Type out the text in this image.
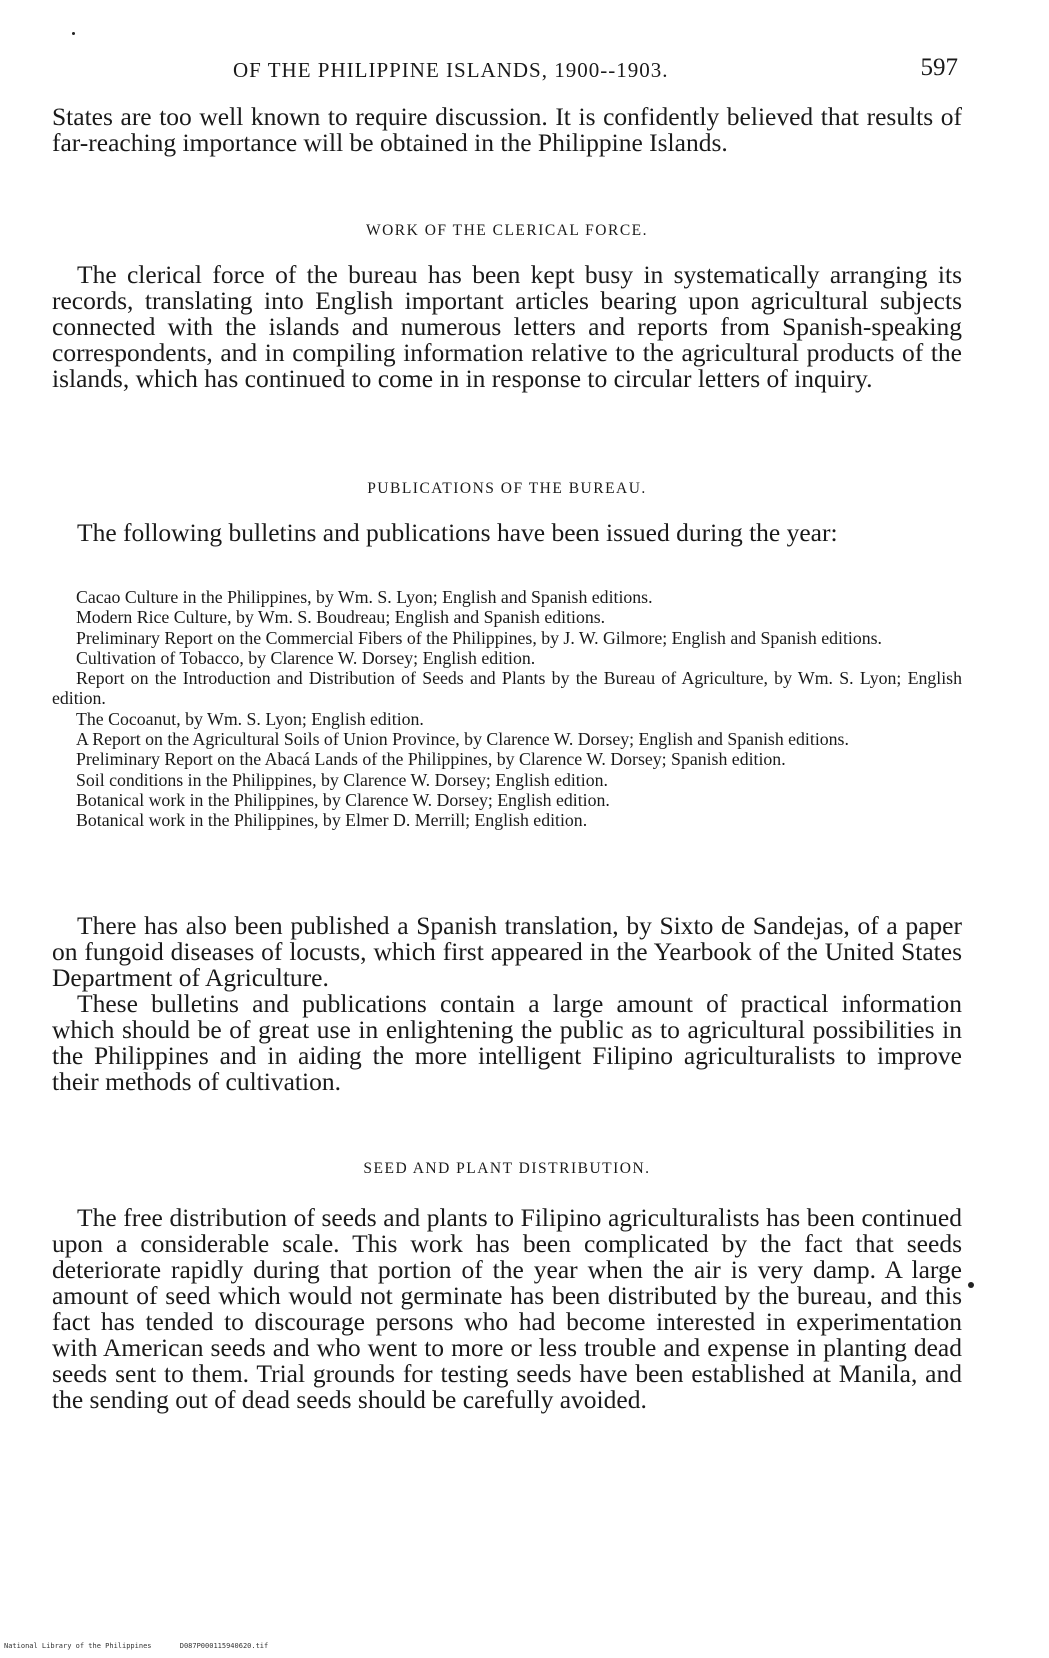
OF THE PHILIPPINE ISLANDS, 1900--1903.	597

States are too well known to require discussion. It is confidently believed that results of far-reaching importance will be obtained in the Philippine Islands.

WORK OF THE CLERICAL FORCE.

The clerical force of the bureau has been kept busy in systematically arranging its records, translating into English important articles bearing upon agricultural subjects connected with the islands and numerous letters and reports from Spanish-speaking correspondents, and in compiling information relative to the agricultural products of the islands, which has continued to come in in response to circular letters of inquiry.

PUBLICATIONS OF THE BUREAU.

The following bulletins and publications have been issued during the year:

Cacao Culture in the Philippines, by Wm. S. Lyon; English and Spanish editions.
Modern Rice Culture, by Wm. S. Boudreau; English and Spanish editions.
Preliminary Report on the Commercial Fibers of the Philippines, by J. W. Gilmore; English and Spanish editions.
Cultivation of Tobacco, by Clarence W. Dorsey; English edition.
Report on the Introduction and Distribution of Seeds and Plants by the Bureau of Agriculture, by Wm. S. Lyon; English edition.
The Cocoanut, by Wm. S. Lyon; English edition.
A Report on the Agricultural Soils of Union Province, by Clarence W. Dorsey; English and Spanish editions.
Preliminary Report on the Abacá Lands of the Philippines, by Clarence W. Dorsey; Spanish edition.
Soil conditions in the Philippines, by Clarence W. Dorsey; English edition.
Botanical work in the Philippines, by Clarence W. Dorsey; English edition.
Botanical work in the Philippines, by Elmer D. Merrill; English edition.

There has also been published a Spanish translation, by Sixto de Sandejas, of a paper on fungoid diseases of locusts, which first appeared in the Yearbook of the United States Department of Agriculture.

These bulletins and publications contain a large amount of practical information which should be of great use in enlightening the public as to agricultural possibilities in the Philippines and in aiding the more intelligent Filipino agriculturalists to improve their methods of cultivation.

SEED AND PLANT DISTRIBUTION.

The free distribution of seeds and plants to Filipino agriculturalists has been continued upon a considerable scale. This work has been complicated by the fact that seeds deteriorate rapidly during that portion of the year when the air is very damp. A large amount of seed which would not germinate has been distributed by the bureau, and this fact has tended to discourage persons who had become interested in experimentation with American seeds and who went to more or less trouble and expense in planting dead seeds sent to them. Trial grounds for testing seeds have been established at Manila, and the sending out of dead seeds should be carefully avoided.

National Library of the Philippines	D087P000115940620.tif
